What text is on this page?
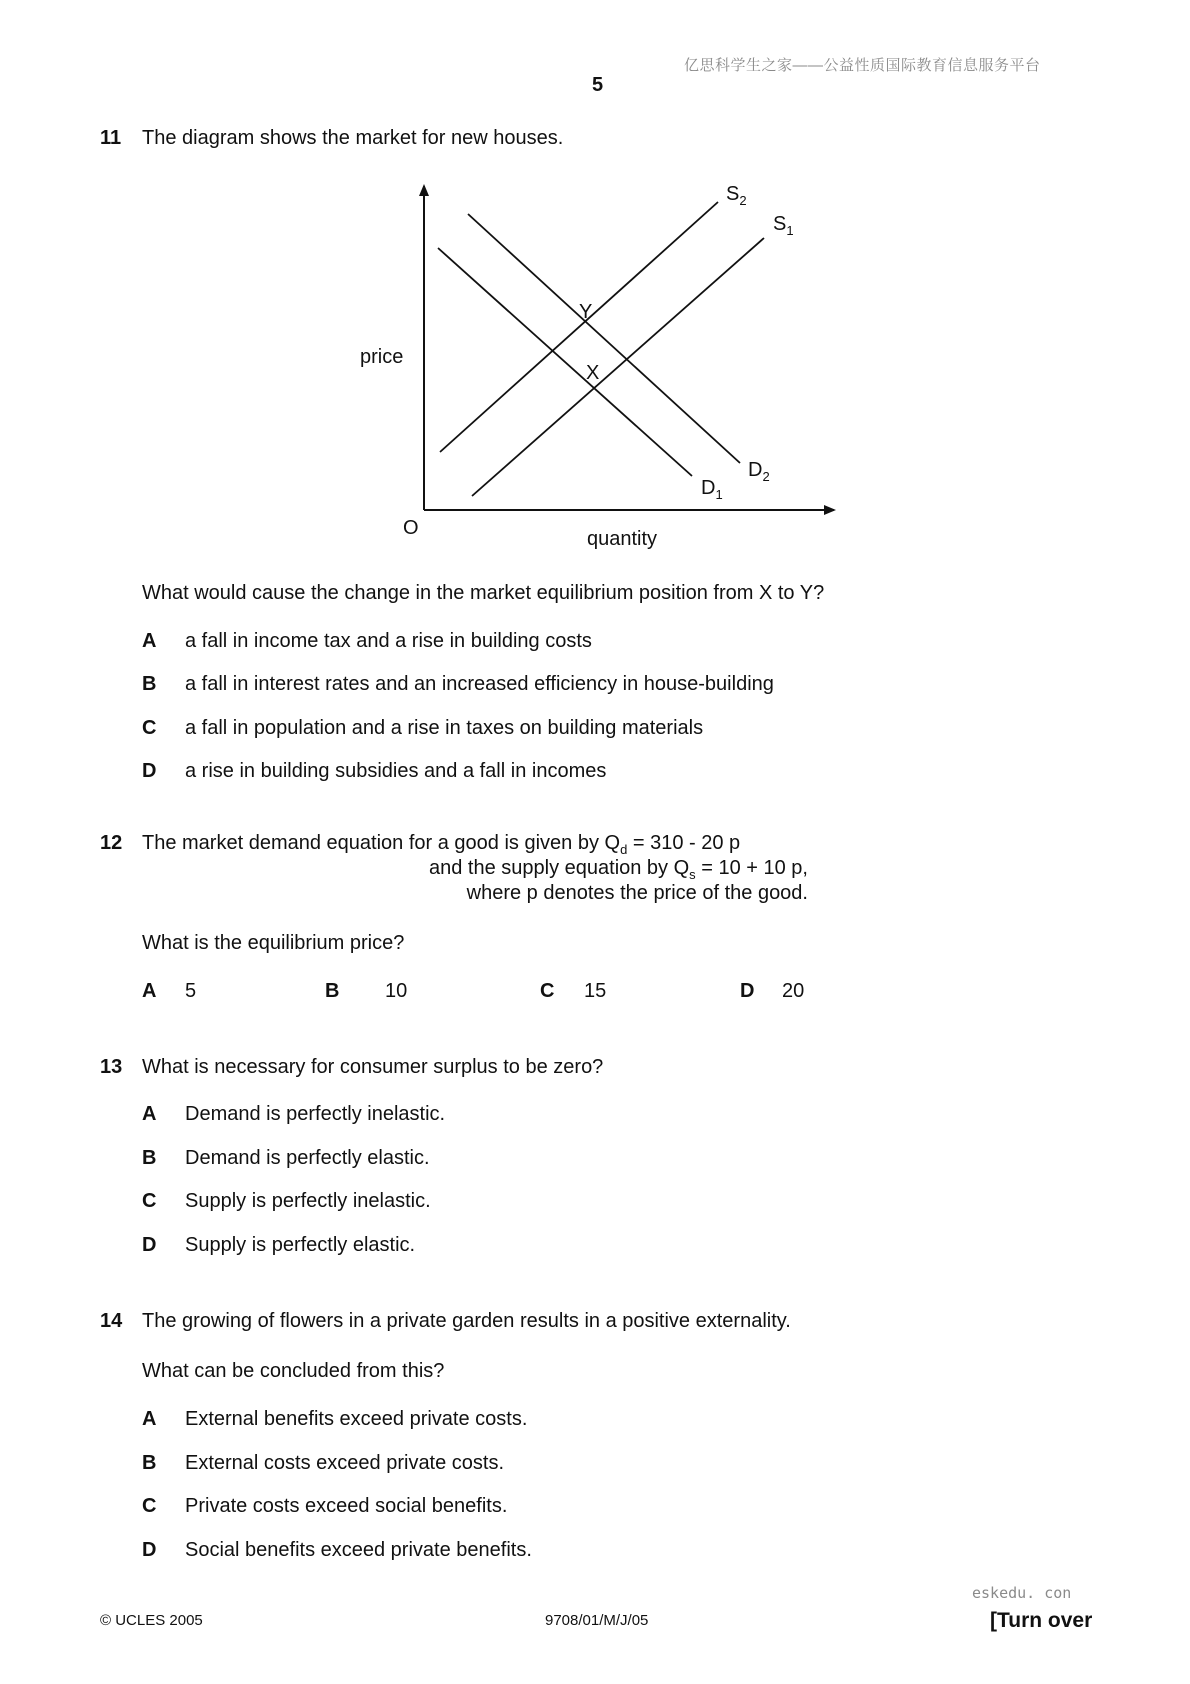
亿思科学生之家——公益性质国际教育信息服务平台
5
11 The diagram shows the market for new houses.
price
quantity
O
Y
X
$S_2$
$S_1$
$D_2$
$D_1$
What would cause the change in the market equilibrium position from X to Y?
A a fall in income tax and a rise in building costs
B a fall in interest rates and an increased efficiency in house-building
C a fall in population and a rise in taxes on building materials
D a rise in building subsidies and a fall in incomes
12 The market demand equation for a good is given by $Q_d = 310 - 20$ p
and the supply equation by $Q_s = 10 + 10$ p,
where p denotes the price of the good.
What is the equilibrium price?
A 5	B 10	C 15	D 20
13 What is necessary for consumer surplus to be zero?
A Demand is perfectly inelastic.
B Demand is perfectly elastic.
C Supply is perfectly inelastic.
D Supply is perfectly elastic.
14 The growing of flowers in a private garden results in a positive externality.
What can be concluded from this?
A External benefits exceed private costs.
B External costs exceed private costs.
C Private costs exceed social benefits.
D Social benefits exceed private benefits.
eskedu. con
© UCLES 2005	9708/01/M/J/05	[Turn over
